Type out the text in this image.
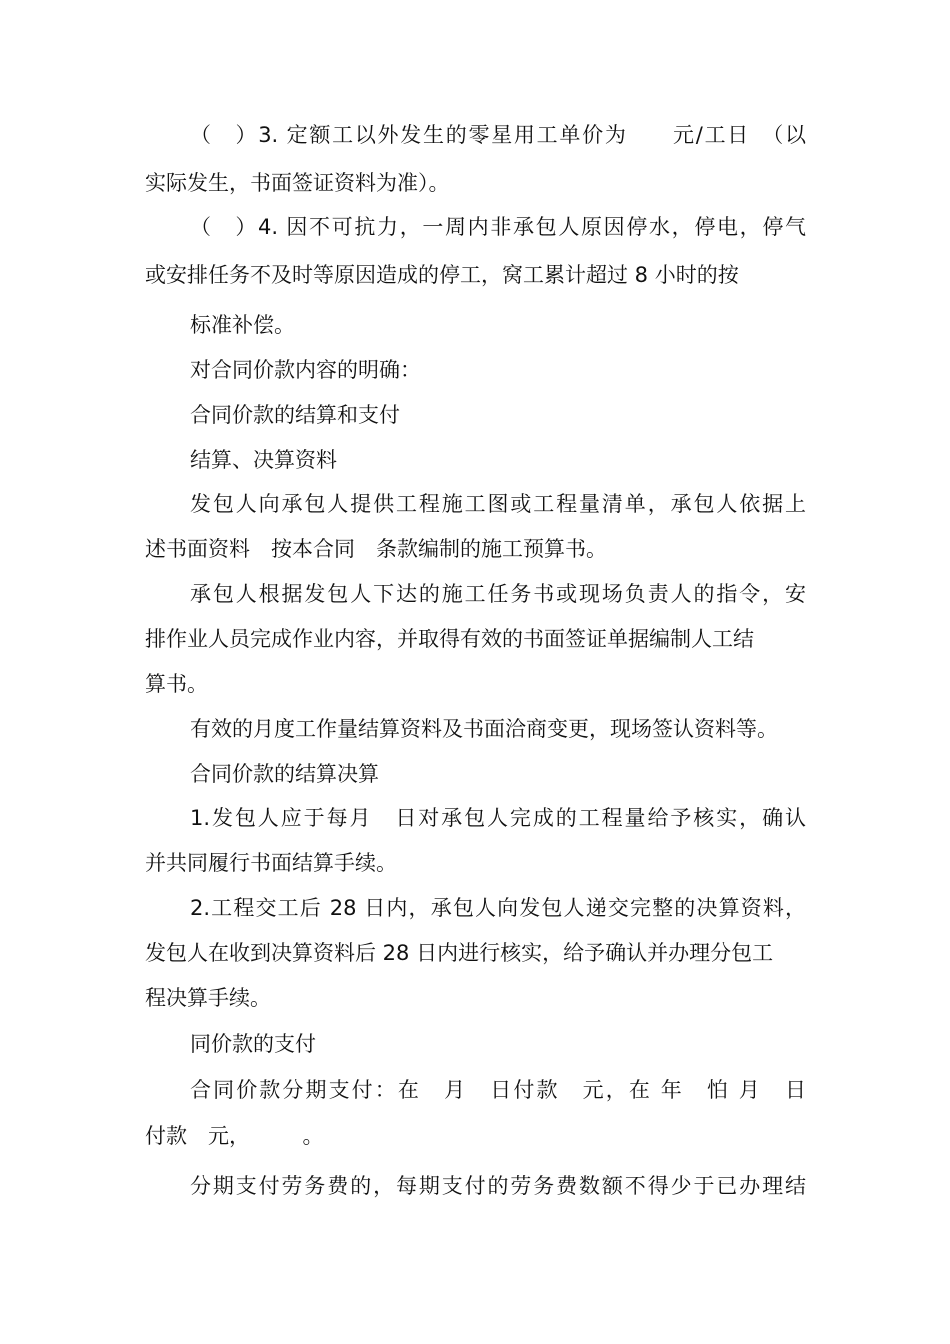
（　）3. 定额工以外发生的零星用工单价为　　元/工日　（以
实际发生，书面签证资料为准）。
（　）4. 因不可抗力，一周内非承包人原因停水，停电，停气
或安排任务不及时等原因造成的停工，窝工累计超过 8 小时的按
标准补偿。
对合同价款内容的明确：
合同价款的结算和支付
结算、决算资料
发包人向承包人提供工程施工图或工程量清单，承包人依据上
述书面资料　按本合同　条款编制的施工预算书。
承包人根据发包人下达的施工任务书或现场负责人的指令，安
排作业人员完成作业内容，并取得有效的书面签证单据编制人工结
算书。
有效的月度工作量结算资料及书面洽商变更，现场签认资料等。
合同价款的结算决算
1.发包人应于每月　日对承包人完成的工程量给予核实，确认
并共同履行书面结算手续。
2.工程交工后 28 日内，承包人向发包人递交完整的决算资料，
发包人在收到决算资料后 28 日内进行核实，给予确认并办理分包工
程决算手续。
同价款的支付
合同价款分期支付：在　月　日付款　元，在 年　怕 月　日
付款　元，　　　。
分期支付劳务费的，每期支付的劳务费数额不得少于已办理结
